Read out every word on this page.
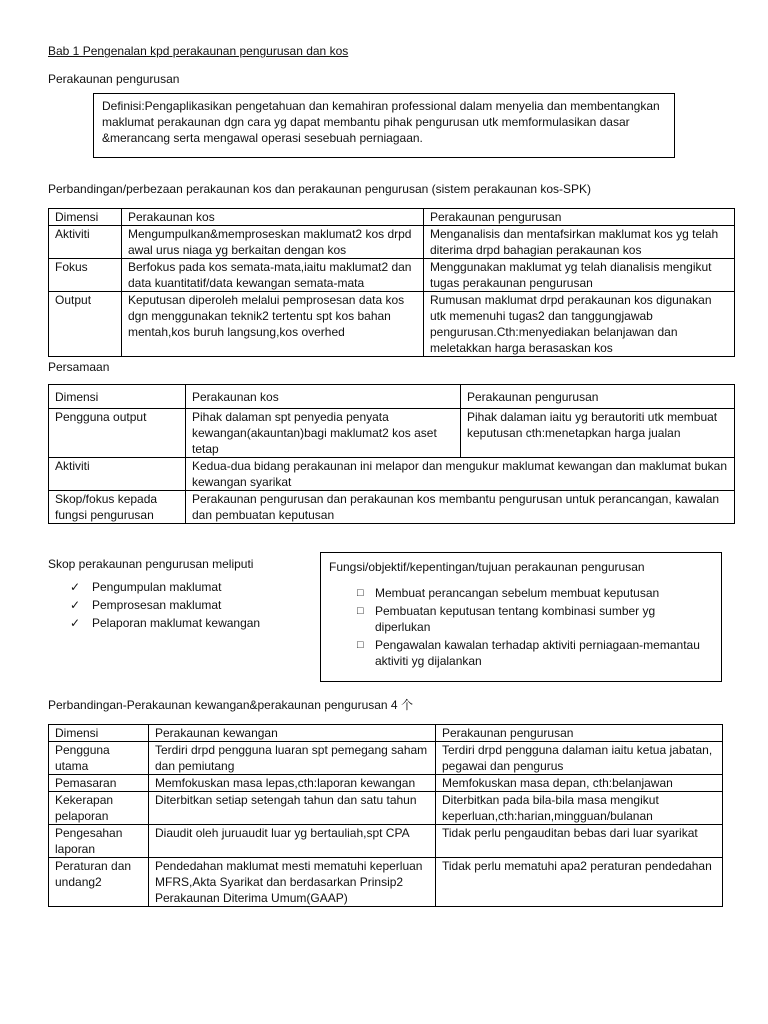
Bab 1 Pengenalan kpd perakaunan pengurusan dan kos
Perakaunan pengurusan
Definisi:Pengaplikasikan pengetahuan dan kemahiran professional dalam menyelia dan membentangkan maklumat perakaunan dgn cara yg dapat membantu pihak pengurusan utk memformulasikan dasar &merancang serta mengawal operasi sesebuah perniagaan.
Perbandingan/perbezaan perakaunan kos dan perakaunan pengurusan (sistem perakaunan kos-SPK)
Dimensi	Perakaunan kos	Perakaunan pengurusan
Aktiviti	Mengumpulkan&memproseskan maklumat2 kos drpd awal urus niaga yg berkaitan dengan kos	Menganalisis dan mentafsirkan maklumat kos yg telah diterima drpd bahagian perakaunan kos
Fokus	Berfokus pada kos semata-mata,iaitu maklumat2 dan data kuantitatif/data kewangan semata-mata	Menggunakan maklumat yg telah dianalisis mengikut tugas perakaunan pengurusan
Output	Keputusan diperoleh melalui pemprosesan data kos dgn menggunakan teknik2 tertentu spt kos bahan mentah,kos buruh langsung,kos overhed	Rumusan maklumat drpd perakaunan kos digunakan utk memenuhi tugas2 dan tanggungjawab pengurusan.Cth:menyediakan belanjawan dan meletakkan harga berasaskan kos
Persamaan
Dimensi	Perakaunan kos	Perakaunan pengurusan
Pengguna output	Pihak dalaman spt penyedia penyata kewangan(akauntan)bagi maklumat2 kos aset tetap	Pihak dalaman iaitu yg berautoriti utk membuat keputusan cth:menetapkan harga jualan
Aktiviti	Kedua-dua bidang perakaunan ini melapor dan mengukur maklumat kewangan dan maklumat bukan kewangan syarikat	
Skop/fokus kepada fungsi pengurusan	Perakaunan pengurusan dan perakaunan kos membantu pengurusan untuk perancangan, kawalan dan pembuatan keputusan	
Skop perakaunan pengurusan meliputi
✓ Pengumpulan maklumat
✓ Pemprosesan maklumat
✓ Pelaporan maklumat kewangan
Fungsi/objektif/kepentingan/tujuan perakaunan pengurusan
□ Membuat perancangan sebelum membuat keputusan
□ Pembuatan keputusan tentang kombinasi sumber yg diperlukan
□ Pengawalan kawalan terhadap aktiviti perniagaan-memantau aktiviti yg dijalankan
Perbandingan-Perakaunan kewangan&perakaunan pengurusan 4 个
Dimensi	Perakaunan kewangan	Perakaunan pengurusan
Pengguna utama	Terdiri drpd pengguna luaran spt pemegang saham dan pemiutang	Terdiri drpd pengguna dalaman iaitu ketua jabatan, pegawai dan pengurus
Pemasaran	Memfokuskan masa lepas,cth:laporan kewangan	Memfokuskan masa depan, cth:belanjawan
Kekerapan pelaporan	Diterbitkan setiap setengah tahun dan satu tahun	Diterbitkan pada bila-bila masa mengikut keperluan,cth:harian,mingguan/bulanan
Pengesahan laporan	Diaudit oleh juruaudit luar yg bertauliah,spt CPA	Tidak perlu pengauditan bebas dari luar syarikat
Peraturan dan undang2	Pendedahan maklumat mesti mematuhi keperluan MFRS,Akta Syarikat dan berdasarkan Prinsip2 Perakaunan Diterima Umum(GAAP)	Tidak perlu mematuhi apa2 peraturan pendedahan
